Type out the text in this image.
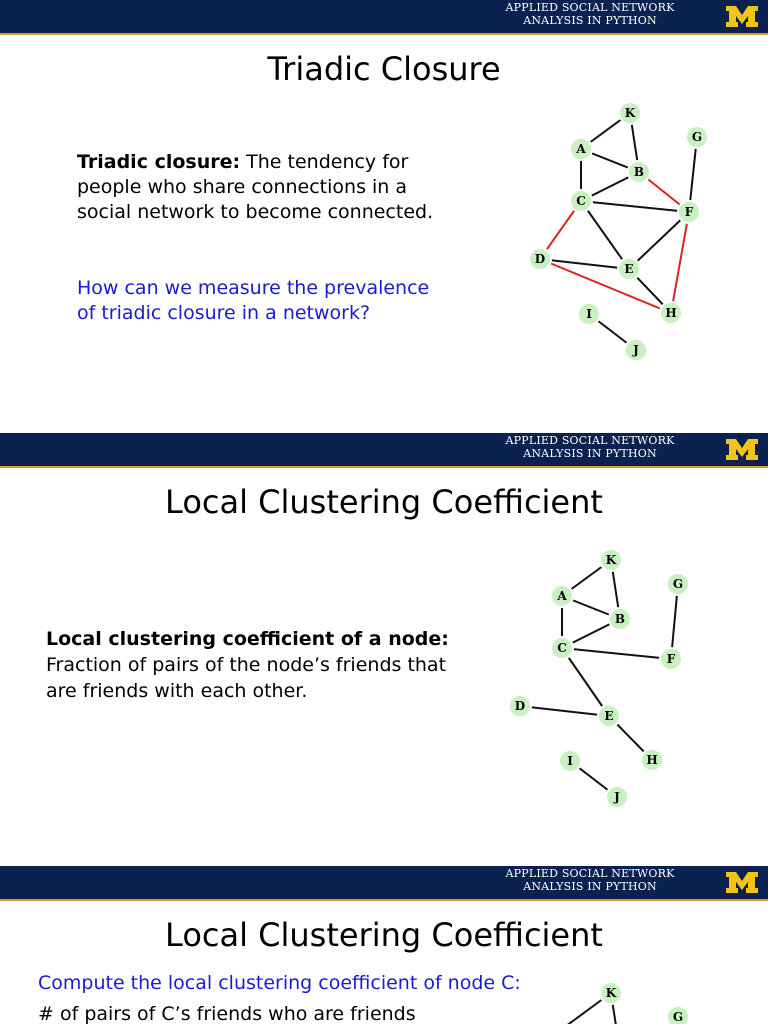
APPLIED SOCIAL NETWORK
ANALYSIS IN PYTHON
Triadic Closure
Triadic closure: The tendency for people who share connections in a social network to become connected.
How can we measure the prevalence of triadic closure in a network?
K
A
B
C
G
F
D
E
H
I
J
APPLIED SOCIAL NETWORK
ANALYSIS IN PYTHON
Local Clustering Coefficient
Local clustering coefficient of a node:
Fraction of pairs of the node’s friends that are friends with each other.
K
A
B
C
G
F
D
E
H
I
J
APPLIED SOCIAL NETWORK
ANALYSIS IN PYTHON
Local Clustering Coefficient
Compute the local clustering coefficient of node C:
# of pairs of C’s friends who are friends
K
G
